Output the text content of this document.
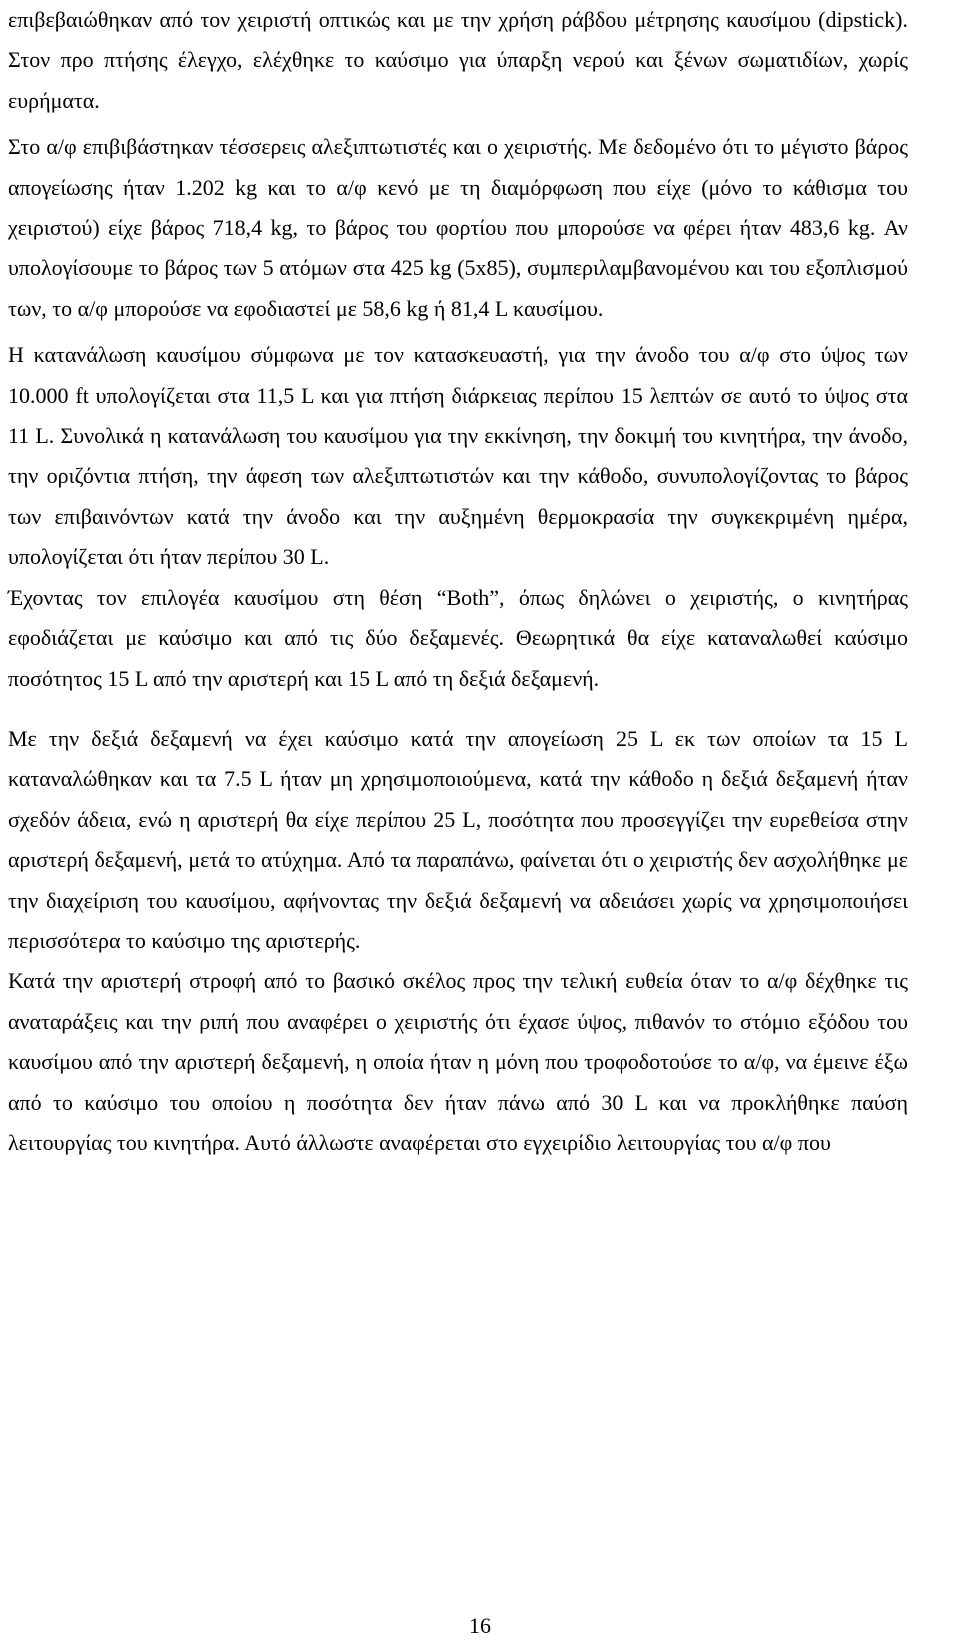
επιβεβαιώθηκαν από τον χειριστή οπτικώς και με την χρήση ράβδου μέτρησης καυσίμου (dipstick). Στον προ πτήσης έλεγχο, ελέχθηκε το καύσιμο για ύπαρξη νερού και ξένων σωματιδίων, χωρίς ευρήματα.

Στο α/φ επιβιβάστηκαν τέσσερεις αλεξιπτωτιστές και ο χειριστής. Με δεδομένο ότι το μέγιστο βάρος απογείωσης ήταν 1.202 kg και το α/φ κενό με τη διαμόρφωση που είχε (μόνο το κάθισμα του χειριστού) είχε βάρος 718,4 kg, το βάρος του φορτίου που μπορούσε να φέρει ήταν 483,6 kg. Αν υπολογίσουμε το βάρος των 5 ατόμων στα 425 kg (5x85), συμπεριλαμβανομένου και του εξοπλισμού των, το α/φ μπορούσε να εφοδιαστεί με 58,6 kg ή 81,4 L καυσίμου.

Η κατανάλωση καυσίμου σύμφωνα με τον κατασκευαστή, για την άνοδο του α/φ στο ύψος των 10.000 ft υπολογίζεται στα 11,5 L και για πτήση διάρκειας περίπου 15 λεπτών σε αυτό το ύψος στα 11 L. Συνολικά η κατανάλωση του καυσίμου για την εκκίνηση, την δοκιμή του κινητήρα, την άνοδο, την οριζόντια πτήση, την άφεση των αλεξιπτωτιστών και την κάθοδο, συνυπολογίζοντας το βάρος των επιβαινόντων κατά την άνοδο και την αυξημένη θερμοκρασία την συγκεκριμένη ημέρα, υπολογίζεται ότι ήταν περίπου 30 L.

Έχοντας τον επιλογέα καυσίμου στη θέση “Both”, όπως δηλώνει ο χειριστής, ο κινητήρας εφοδιάζεται με καύσιμο και από τις δύο δεξαμενές. Θεωρητικά θα είχε καταναλωθεί καύσιμο ποσότητος 15 L από την αριστερή και 15 L από τη δεξιά δεξαμενή.

Με την δεξιά δεξαμενή να έχει καύσιμο κατά την απογείωση 25 L εκ των οποίων τα 15 L καταναλώθηκαν και τα 7.5 L ήταν μη χρησιμοποιούμενα, κατά την κάθοδο η δεξιά δεξαμενή ήταν σχεδόν άδεια, ενώ η αριστερή θα είχε περίπου 25 L, ποσότητα που προσεγγίζει την ευρεθείσα στην αριστερή δεξαμενή, μετά το ατύχημα. Από τα παραπάνω, φαίνεται ότι ο χειριστής δεν ασχολήθηκε με την διαχείριση του καυσίμου, αφήνοντας την δεξιά δεξαμενή να αδειάσει χωρίς να χρησιμοποιήσει περισσότερα το καύσιμο της αριστερής.

Κατά την αριστερή στροφή από το βασικό σκέλος προς την τελική ευθεία όταν το α/φ δέχθηκε τις αναταράξεις και την ριπή που αναφέρει ο χειριστής ότι έχασε ύψος, πιθανόν το στόμιο εξόδου του καυσίμου από την αριστερή δεξαμενή, η οποία ήταν η μόνη που τροφοδοτούσε το α/φ, να έμεινε έξω από το καύσιμο του οποίου η ποσότητα δεν ήταν πάνω από 30 L και να προκλήθηκε παύση λειτουργίας του κινητήρα. Αυτό άλλωστε αναφέρεται στο εγχειρίδιο λειτουργίας του α/φ που

16
